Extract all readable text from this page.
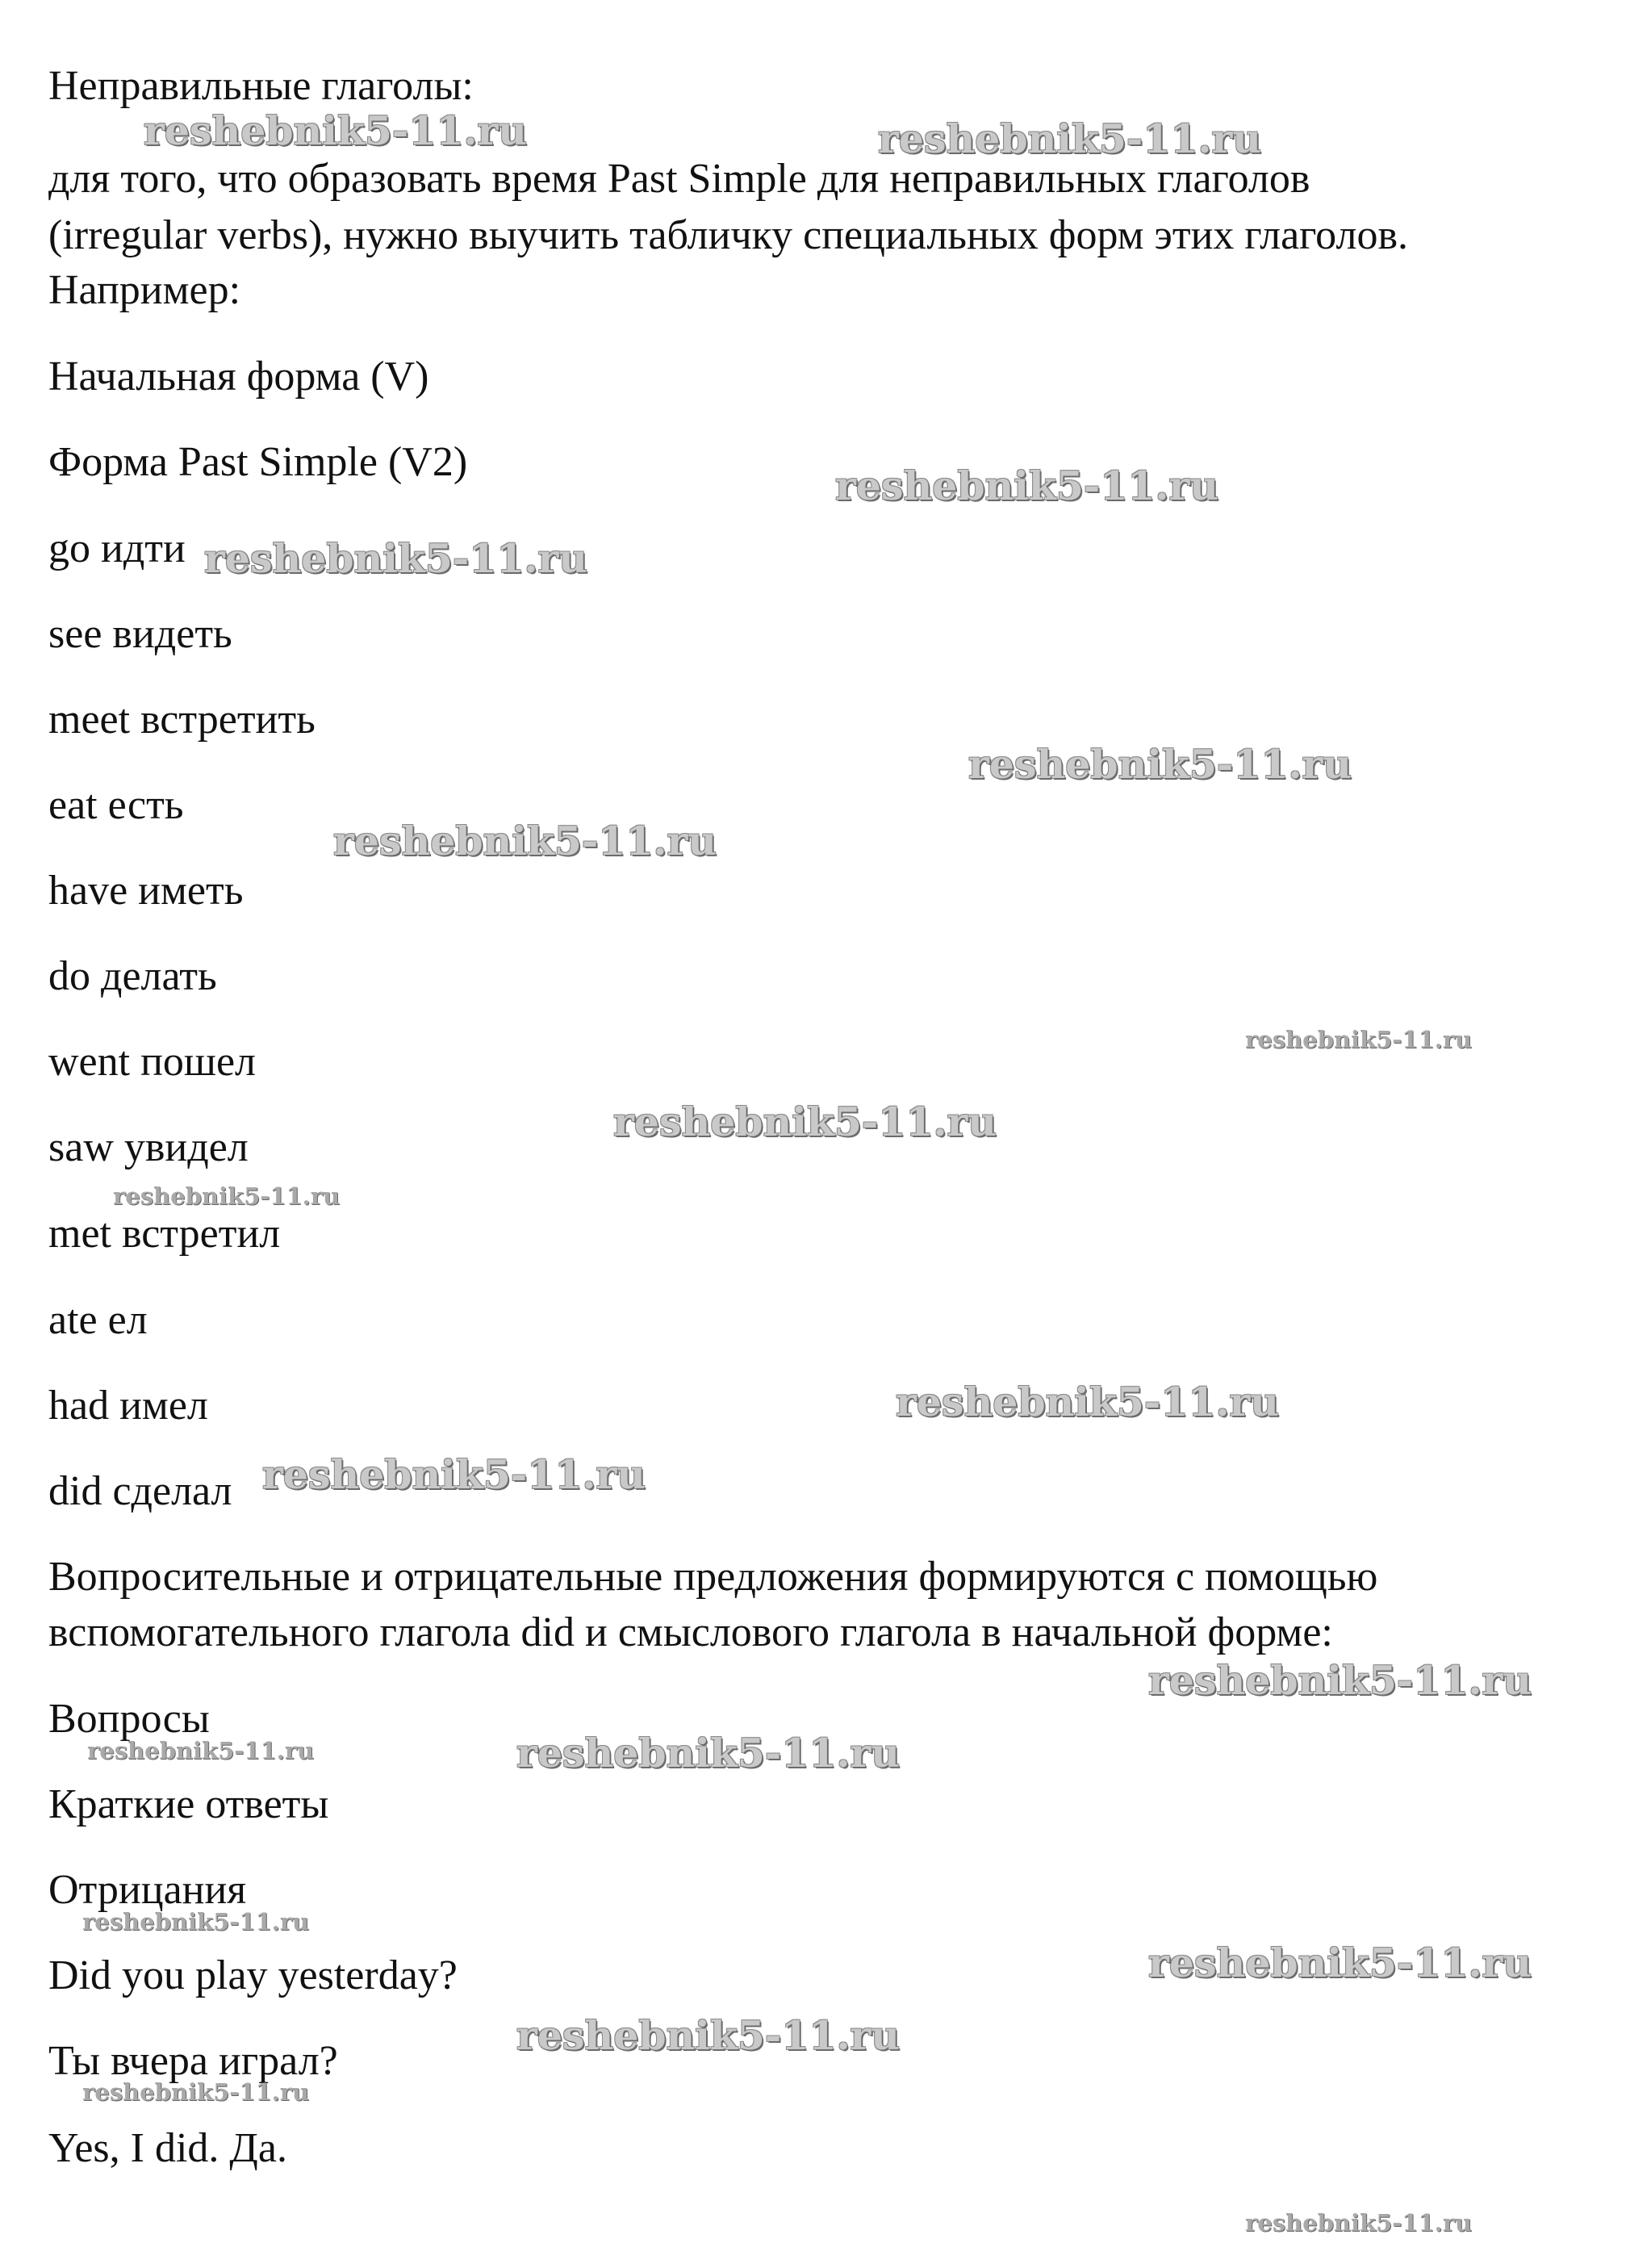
Неправильные глаголы:

для того, что образовать время Past Simple для неправильных глаголов

(irregular verbs), нужно выучить табличку специальных форм этих глаголов.

Например:

Начальная форма (V)

Форма Past Simple (V2)

go идти

see видеть

meet встретить

eat есть

have иметь

do делать

went пошел

saw увидел

met встретил

ate ел

had имел

did сделал

Вопросительные и отрицательные предложения формируются с помощью

вспомогательного глагола did и смыслового глагола в начальной форме:

Вопросы

Краткие ответы

Отрицания

Did you play yesterday?

Ты вчера играл?

Yes, I did. Да.

reshebnik5-11.ru	reshebnik5-11.ru
reshebnik5-11.ru
reshebnik5-11.ru
reshebnik5-11.ru
reshebnik5-11.ru
reshebnik5-11.ru
reshebnik5-11.ru
reshebnik5-11.ru
reshebnik5-11.ru
reshebnik5-11.ru
reshebnik5-11.ru
reshebnik5-11.ru	reshebnik5-11.ru
reshebnik5-11.ru
reshebnik5-11.ru
reshebnik5-11.ru
reshebnik5-11.ru
reshebnik5-11.ru
